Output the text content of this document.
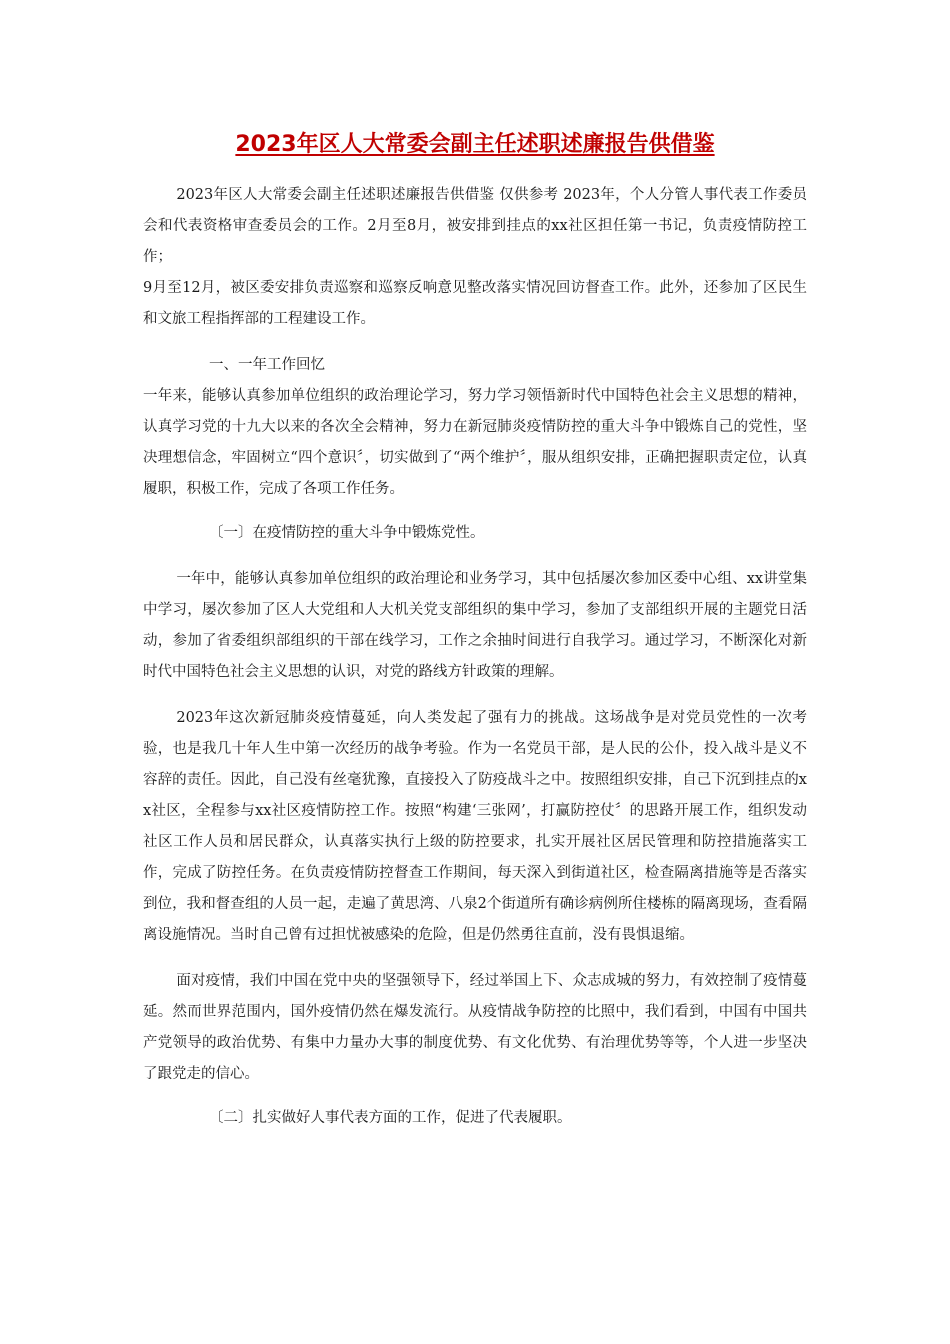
2023年区人大常委会副主任述职述廉报告供借鉴

2023年区人大常委会副主任述职述廉报告供借鉴 仅供参考 2023年，个人分管人事代表工作委员会和代表资格审查委员会的工作。2月至8月，被安排到挂点的xx社区担任第一书记，负责疫情防控工作；

9月至12月，被区委安排负责巡察和巡察反响意见整改落实情况回访督查工作。此外，还参加了区民生和文旅工程指挥部的工程建设工作。

一、一年工作回忆

一年来，能够认真参加单位组织的政治理论学习，努力学习领悟新时代中国特色社会主义思想的精神，认真学习党的十九大以来的各次全会精神，努力在新冠肺炎疫情防控的重大斗争中锻炼自己的党性，坚决理想信念，牢固树立“四个意识〞，切实做到了“两个维护〞，服从组织安排，正确把握职责定位，认真履职，积极工作，完成了各项工作任务。

〔一〕在疫情防控的重大斗争中锻炼党性。

一年中，能够认真参加单位组织的政治理论和业务学习，其中包括屡次参加区委中心组、xx讲堂集中学习，屡次参加了区人大党组和人大机关党支部组织的集中学习，参加了支部组织开展的主题党日活动，参加了省委组织部组织的干部在线学习，工作之余抽时间进行自我学习。通过学习，不断深化对新时代中国特色社会主义思想的认识，对党的路线方针政策的理解。

2023年这次新冠肺炎疫情蔓延，向人类发起了强有力的挑战。这场战争是对党员党性的一次考验，也是我几十年人生中第一次经历的战争考验。作为一名党员干部，是人民的公仆，投入战斗是义不容辞的责任。因此，自己没有丝毫犹豫，直接投入了防疫战斗之中。按照组织安排，自己下沉到挂点的xx社区，全程参与xx社区疫情防控工作。按照“构建‘三张网’，打赢防控仗〞的思路开展工作，组织发动社区工作人员和居民群众，认真落实执行上级的防控要求，扎实开展社区居民管理和防控措施落实工作，完成了防控任务。在负责疫情防控督查工作期间，每天深入到街道社区，检查隔离措施等是否落实到位，我和督查组的人员一起，走遍了黄思湾、八泉2个街道所有确诊病例所住楼栋的隔离现场，查看隔离设施情况。当时自己曾有过担忧被感染的危险，但是仍然勇往直前，没有畏惧退缩。

面对疫情，我们中国在党中央的坚强领导下，经过举国上下、众志成城的努力，有效控制了疫情蔓延。然而世界范围内，国外疫情仍然在爆发流行。从疫情战争防控的比照中，我们看到，中国有中国共产党领导的政治优势、有集中力量办大事的制度优势、有文化优势、有治理优势等等，个人进一步坚决了跟党走的信心。

〔二〕扎实做好人事代表方面的工作，促进了代表履职。
